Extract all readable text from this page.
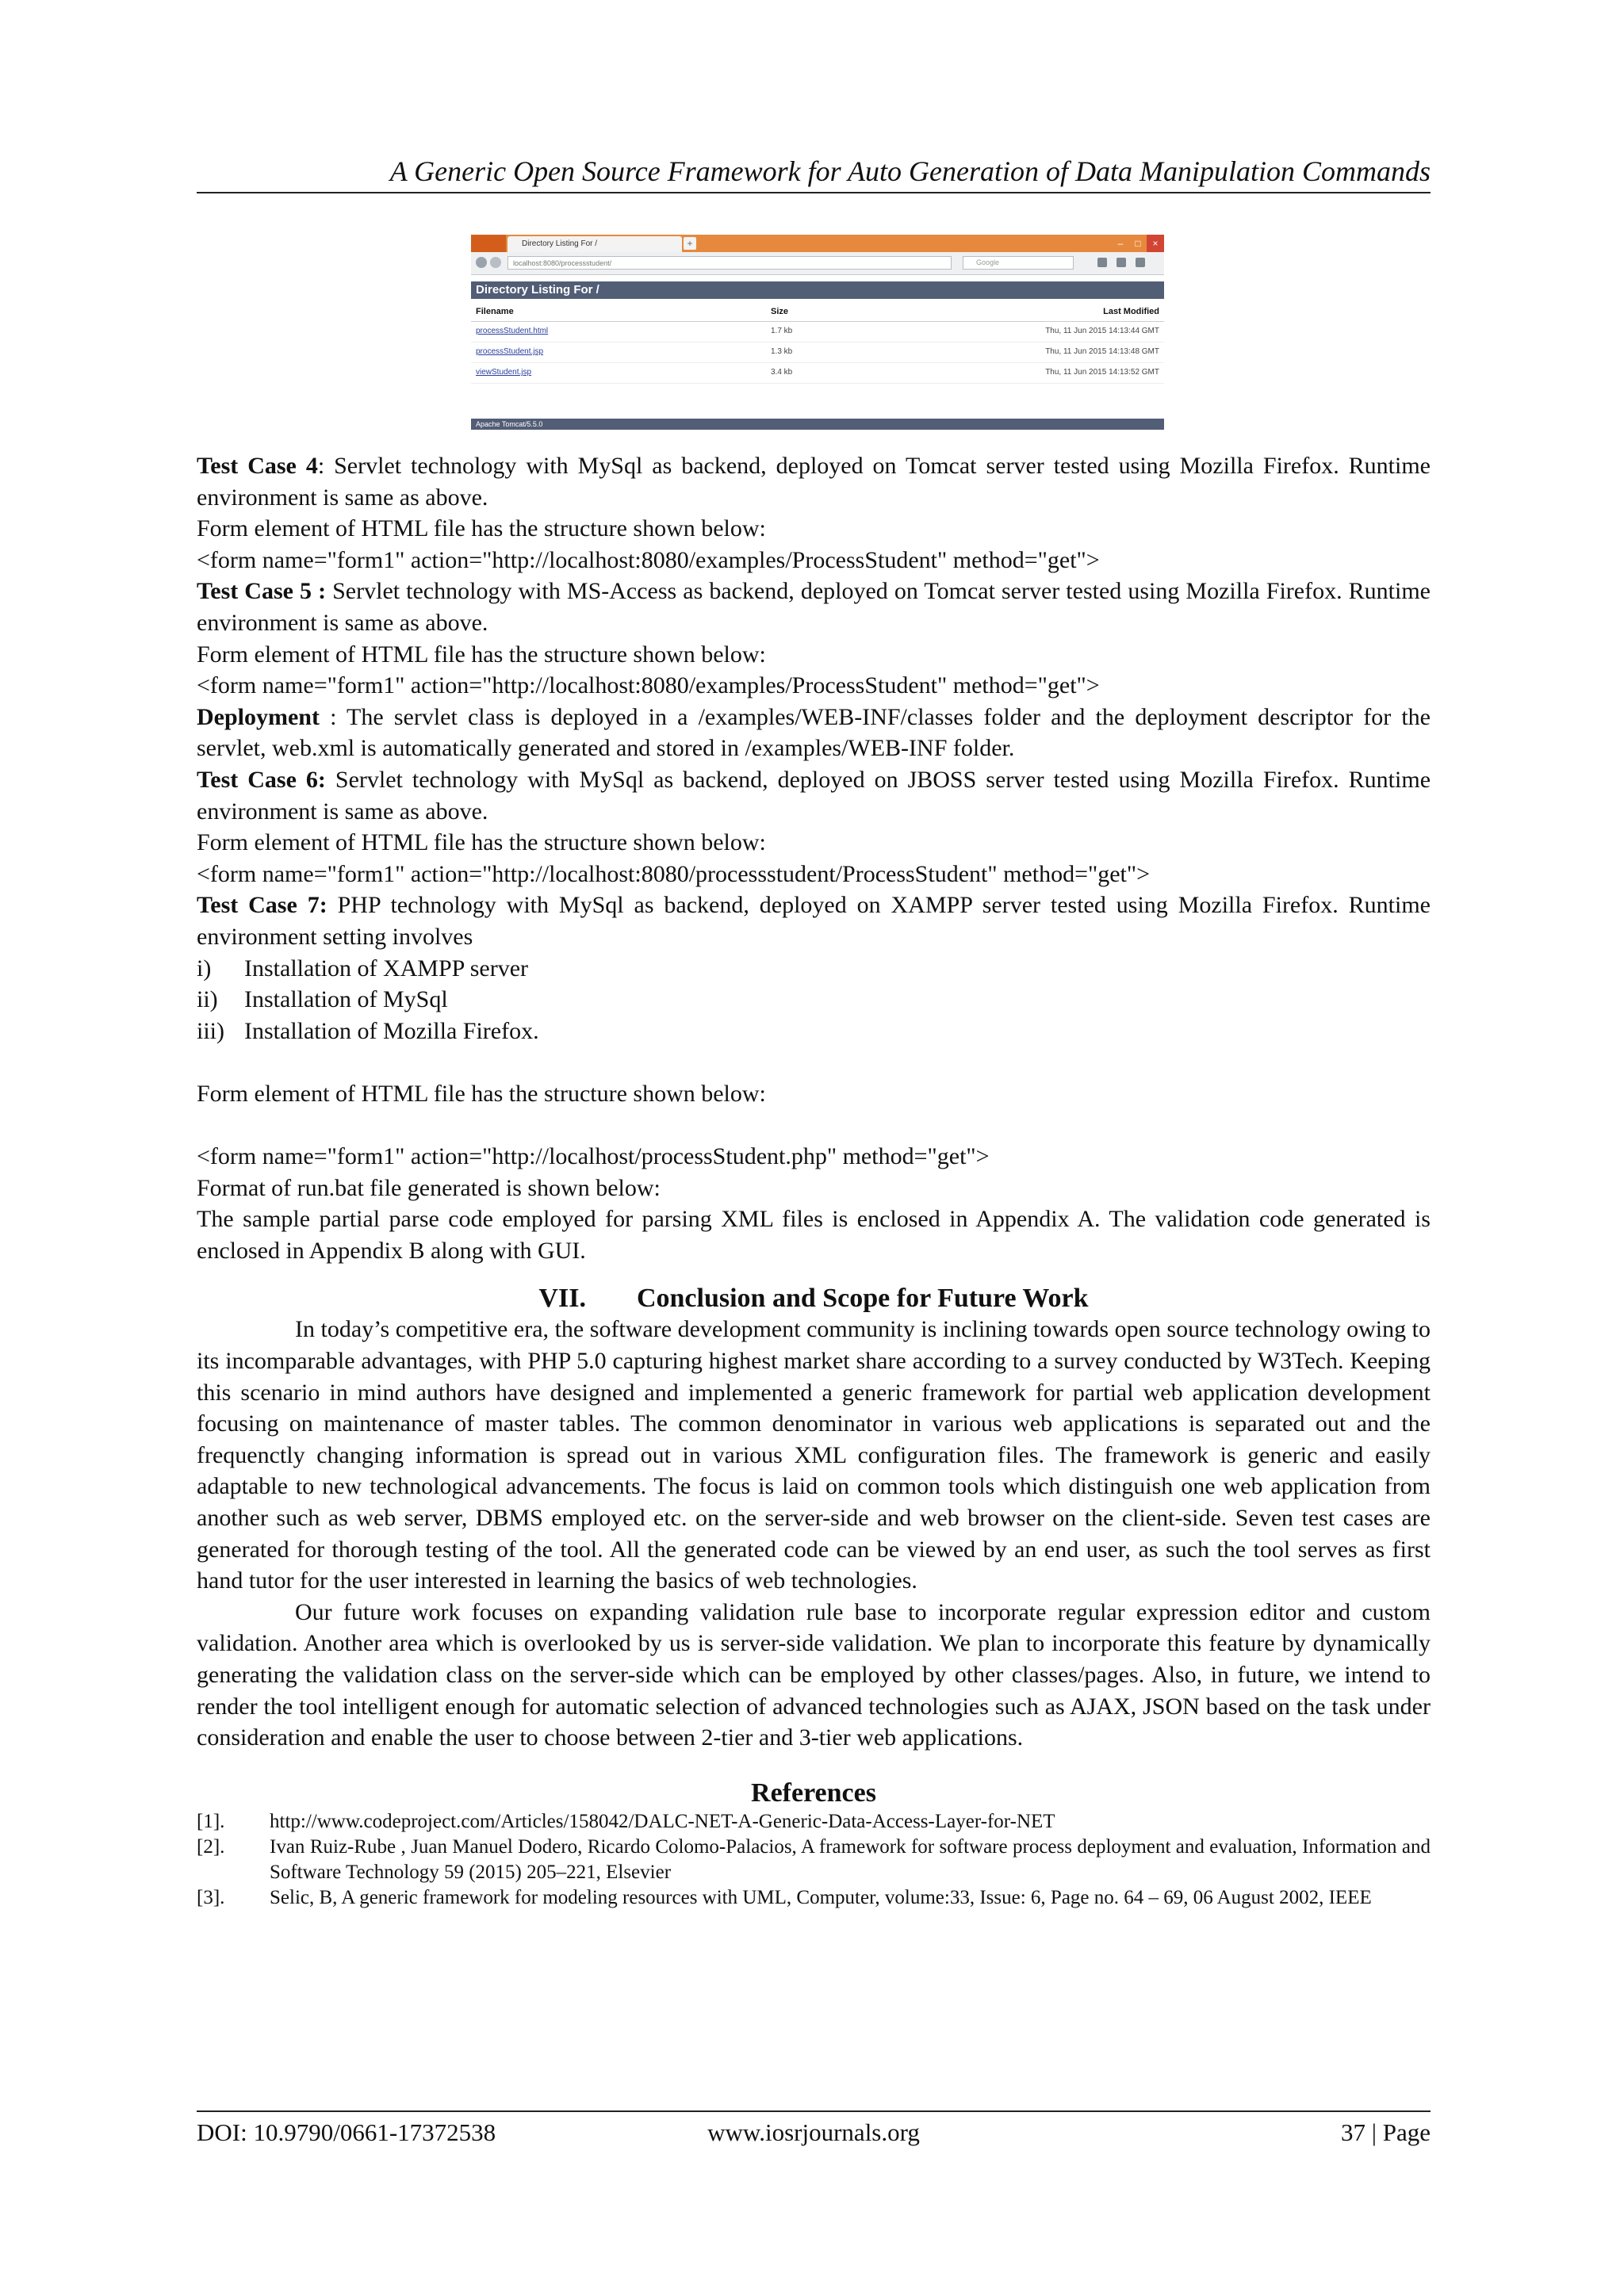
A Generic Open Source Framework for Auto Generation of Data Manipulation Commands
Directory Listing For /	+	–	□	×
localhost:8080/processstudent/	Google
Directory Listing For /
Filename	Size	Last Modified
processStudent.html	1.7 kb	Thu, 11 Jun 2015 14:13:44 GMT
processStudent.jsp	1.3 kb	Thu, 11 Jun 2015 14:13:48 GMT
viewStudent.jsp	3.4 kb	Thu, 11 Jun 2015 14:13:52 GMT
Apache Tomcat/5.5.0

Test Case 4: Servlet technology with MySql as backend, deployed on Tomcat server tested using Mozilla Firefox. Runtime environment is same as above.

Form element of HTML file has the structure shown below:

<form name="form1" action="http://localhost:8080/examples/ProcessStudent" method="get">

Test Case 5 : Servlet technology with MS-Access as backend, deployed on Tomcat server tested using Mozilla Firefox. Runtime environment is same as above.

Form element of HTML file has the structure shown below:

<form name="form1" action="http://localhost:8080/examples/ProcessStudent" method="get">

Deployment : The servlet class is deployed in a /examples/WEB-INF/classes folder and the deployment descriptor for the servlet, web.xml is automatically generated and stored in /examples/WEB-INF folder.

Test Case 6: Servlet technology with MySql as backend, deployed on JBOSS server tested using Mozilla Firefox. Runtime environment is same as above.

Form element of HTML file has the structure shown below:

<form name="form1" action="http://localhost:8080/processstudent/ProcessStudent" method="get">

Test Case 7: PHP technology with MySql as backend, deployed on XAMPP server tested using Mozilla Firefox. Runtime environment setting involves

i) Installation of XAMPP server
ii) Installation of MySql
iii) Installation of Mozilla Firefox.

Form element of HTML file has the structure shown below:

<form name="form1" action="http://localhost/processStudent.php" method="get">

Format of run.bat file generated is shown below:

The sample partial parse code employed for parsing XML files is enclosed in Appendix A. The validation code generated is enclosed in Appendix B along with GUI.

VII. Conclusion and Scope for Future Work

In today’s competitive era, the software development community is inclining towards open source technology owing to its incomparable advantages, with PHP 5.0 capturing highest market share according to a survey conducted by W3Tech. Keeping this scenario in mind authors have designed and implemented a generic framework for partial web application development focusing on maintenance of master tables. The common denominator in various web applications is separated out and the frequenctly changing information is spread out in various XML configuration files. The framework is generic and easily adaptable to new technological advancements. The focus is laid on common tools which distinguish one web application from another such as web server, DBMS employed etc. on the server-side and web browser on the client-side. Seven test cases are generated for thorough testing of the tool. All the generated code can be viewed by an end user, as such the tool serves as first hand tutor for the user interested in learning the basics of web technologies.

Our future work focuses on expanding validation rule base to incorporate regular expression editor and custom validation. Another area which is overlooked by us is server-side validation. We plan to incorporate this feature by dynamically generating the validation class on the server-side which can be employed by other classes/pages. Also, in future, we intend to render the tool intelligent enough for automatic selection of advanced technologies such as AJAX, JSON based on the task under consideration and enable the user to choose between 2-tier and 3-tier web applications.

References
[1]. http://www.codeproject.com/Articles/158042/DALC-NET-A-Generic-Data-Access-Layer-for-NET
[2]. Ivan Ruiz-Rube , Juan Manuel Dodero, Ricardo Colomo-Palacios, A framework for software process deployment and evaluation, Information and Software Technology 59 (2015) 205–221, Elsevier
[3]. Selic, B, A generic framework for modeling resources with UML, Computer, volume:33, Issue: 6, Page no. 64 – 69, 06 August 2002, IEEE
DOI: 10.9790/0661-17372538	www.iosrjournals.org	37 | Page
